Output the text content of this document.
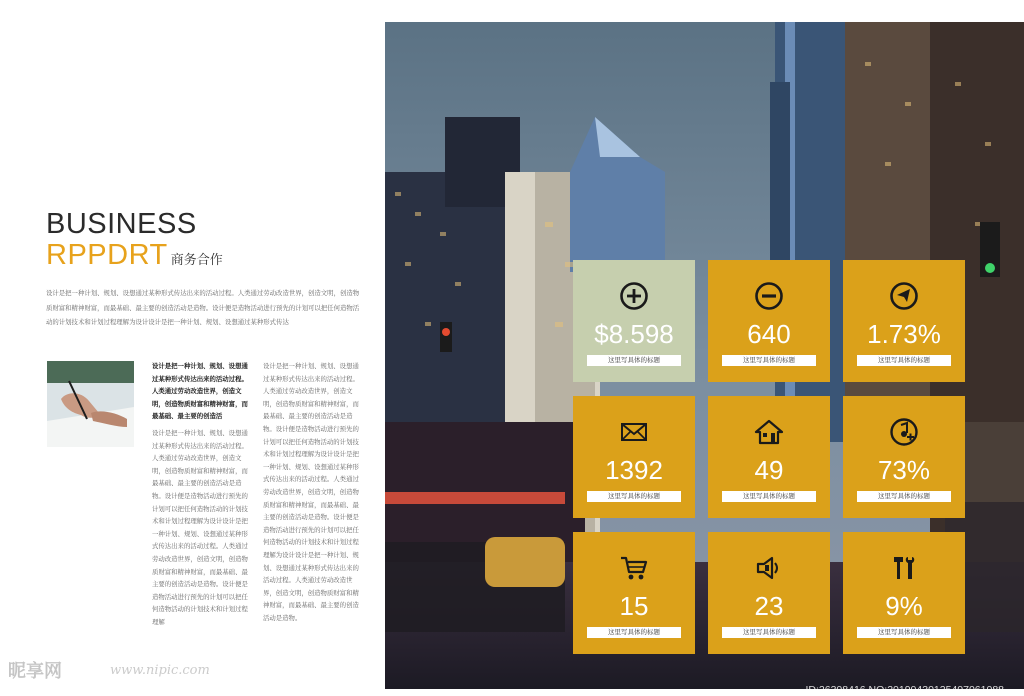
BUSINESS
RPPDRT 商务合作
设计是把一种计划、规划、设想通过某种形式传达出来的活动过程。人类通过劳动改造世界，创造文明，创造物质财富和精神财富，而最基础、最主要的创造活动是造物。设计便是造物活动进行预先的计划可以把任何造物活动的计划技术和计划过程理解为设计设计是把一种计划、规划、设想通过某种形式传达

设计是把一种计划、规划、设想通过某种形式传达出来的活动过程。人类通过劳动改造世界，创造文明，创造物质财富和精神财富，而最基础、最主要的创造活

设计是把一种计划、规划、设想通过某种形式传达出来的活动过程。人类通过劳动改造世界，创造文明，创造物质财富和精神财富，而最基础、最主要的创造活动是造物。设计便是造物活动进行预先的计划可以把任何造物活动的计划技术和计划过程理解为设计设计是把一种计划、规划、设想通过某种形式传达出来的活动过程。人类通过劳动改造世界，创造文明，创造物质财富和精神财富，而最基础、最主要的创造活动是造物。设计便是造物活动进行预先的计划可以把任何造物活动的计划技术和计划过程理解

设计是把一种计划、规划、设想通过某种形式传达出来的活动过程。人类通过劳动改造世界，创造文明，创造物质财富和精神财富，而最基础、最主要的创造活动是造物。设计便是造物活动进行预先的计划可以把任何造物活动的计划技术和计划过程理解为设计设计是把一种计划、规划、设想通过某种形式传达出来的活动过程。人类通过劳动改造世界，创造文明，创造物质财富和精神财富，而最基础、最主要的创造活动是造物。设计便是造物活动进行预先的计划可以把任何造物活动的计划技术和计划过程理解为设计设计是把一种计划、规划、设想通过某种形式传达出来的活动过程。人类通过劳动改造世界，创造文明，创造物质财富和精神财富，而最基础、最主要的创造活动是造物。

昵享网	www.nipic.com
$8.598
这里写具体的标题
640
这里写具体的标题
1.73%
这里写具体的标题
1392
这里写具体的标题
49
这里写具体的标题
73%
这里写具体的标题
15
这里写具体的标题
23
这里写具体的标题
9%
这里写具体的标题
ID:26308416 NO:20190430125407061088
